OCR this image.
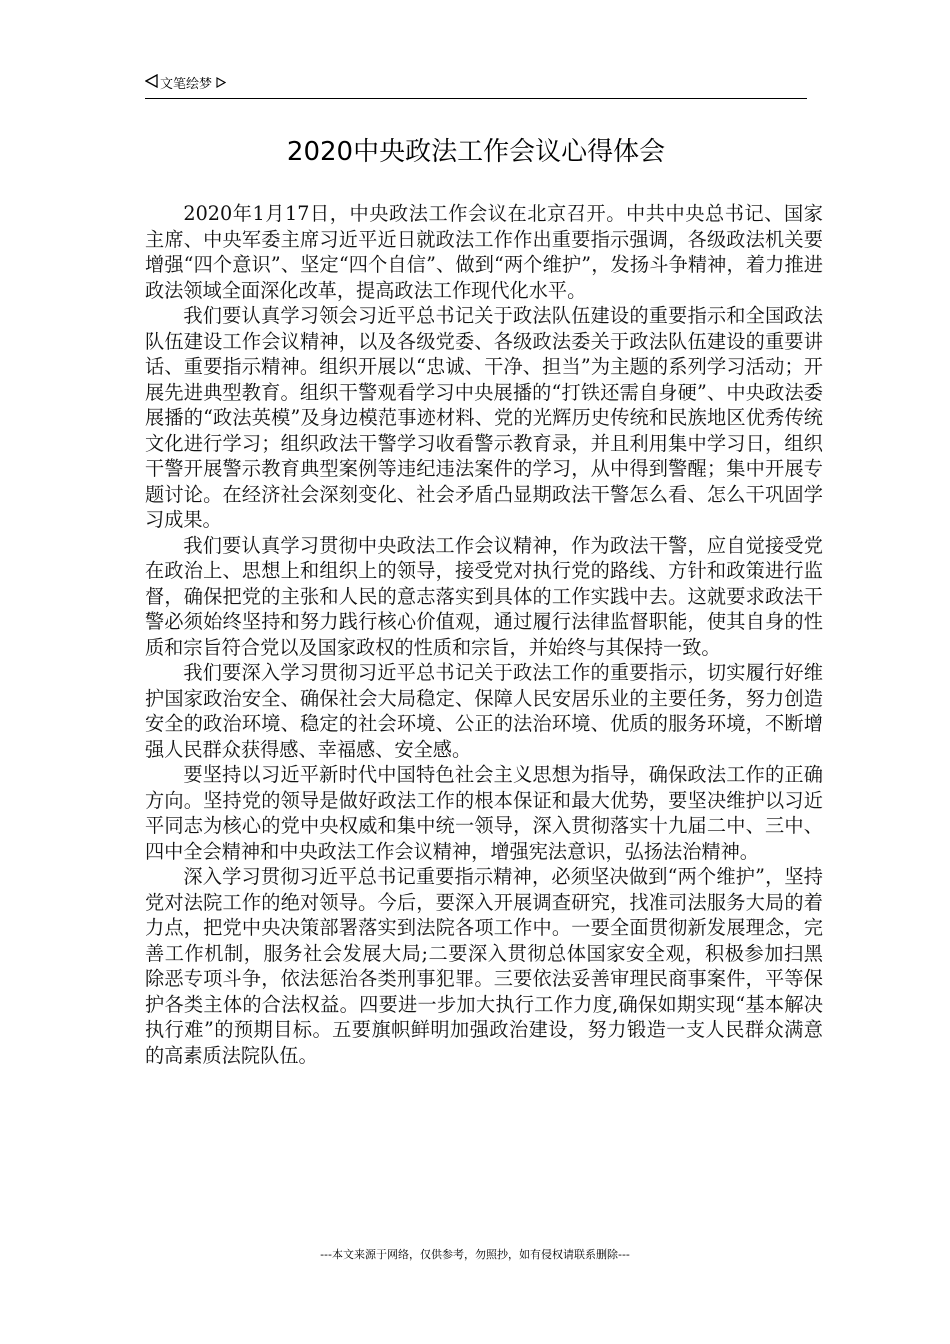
文笔绘梦
2020中央政法工作会议心得体会

2020年1月17日，中央政法工作会议在北京召开。中共中央总书记、国家主席、中央军委主席习近平近日就政法工作作出重要指示强调，各级政法机关要增强“四个意识”、坚定“四个自信”、做到“两个维护”，发扬斗争精神，着力推进政法领域全面深化改革，提高政法工作现代化水平。

我们要认真学习领会习近平总书记关于政法队伍建设的重要指示和全国政法队伍建设工作会议精神，以及各级党委、各级政法委关于政法队伍建设的重要讲话、重要指示精神。组织开展以“忠诚、干净、担当”为主题的系列学习活动；开展先进典型教育。组织干警观看学习中央展播的“打铁还需自身硬”、中央政法委展播的“政法英模”及身边模范事迹材料、党的光辉历史传统和民族地区优秀传统文化进行学习；组织政法干警学习收看警示教育录，并且利用集中学习日，组织干警开展警示教育典型案例等违纪违法案件的学习，从中得到警醒；集中开展专题讨论。在经济社会深刻变化、社会矛盾凸显期政法干警怎么看、怎么干巩固学习成果。

我们要认真学习贯彻中央政法工作会议精神，作为政法干警，应自觉接受党在政治上、思想上和组织上的领导，接受党对执行党的路线、方针和政策进行监督，确保把党的主张和人民的意志落实到具体的工作实践中去。这就要求政法干警必须始终坚持和努力践行核心价值观，通过履行法律监督职能，使其自身的性质和宗旨符合党以及国家政权的性质和宗旨，并始终与其保持一致。

我们要深入学习贯彻习近平总书记关于政法工作的重要指示，切实履行好维护国家政治安全、确保社会大局稳定、保障人民安居乐业的主要任务，努力创造安全的政治环境、稳定的社会环境、公正的法治环境、优质的服务环境，不断增强人民群众获得感、幸福感、安全感。

要坚持以习近平新时代中国特色社会主义思想为指导，确保政法工作的正确方向。坚持党的领导是做好政法工作的根本保证和最大优势，要坚决维护以习近平同志为核心的党中央权威和集中统一领导，深入贯彻落实十九届二中、三中、四中全会精神和中央政法工作会议精神，增强宪法意识，弘扬法治精神。

深入学习贯彻习近平总书记重要指示精神，必须坚决做到“两个维护”，坚持党对法院工作的绝对领导。今后，要深入开展调查研究，找准司法服务大局的着力点，把党中央决策部署落实到法院各项工作中。一要全面贯彻新发展理念，完善工作机制，服务社会发展大局;二要深入贯彻总体国家安全观，积极参加扫黑除恶专项斗争，依法惩治各类刑事犯罪。三要依法妥善审理民商事案件，平等保护各类主体的合法权益。四要进一步加大执行工作力度,确保如期实现“基本解决执行难”的预期目标。五要旗帜鲜明加强政治建设，努力锻造一支人民群众满意的高素质法院队伍。

---本文来源于网络，仅供参考，勿照抄，如有侵权请联系删除---
